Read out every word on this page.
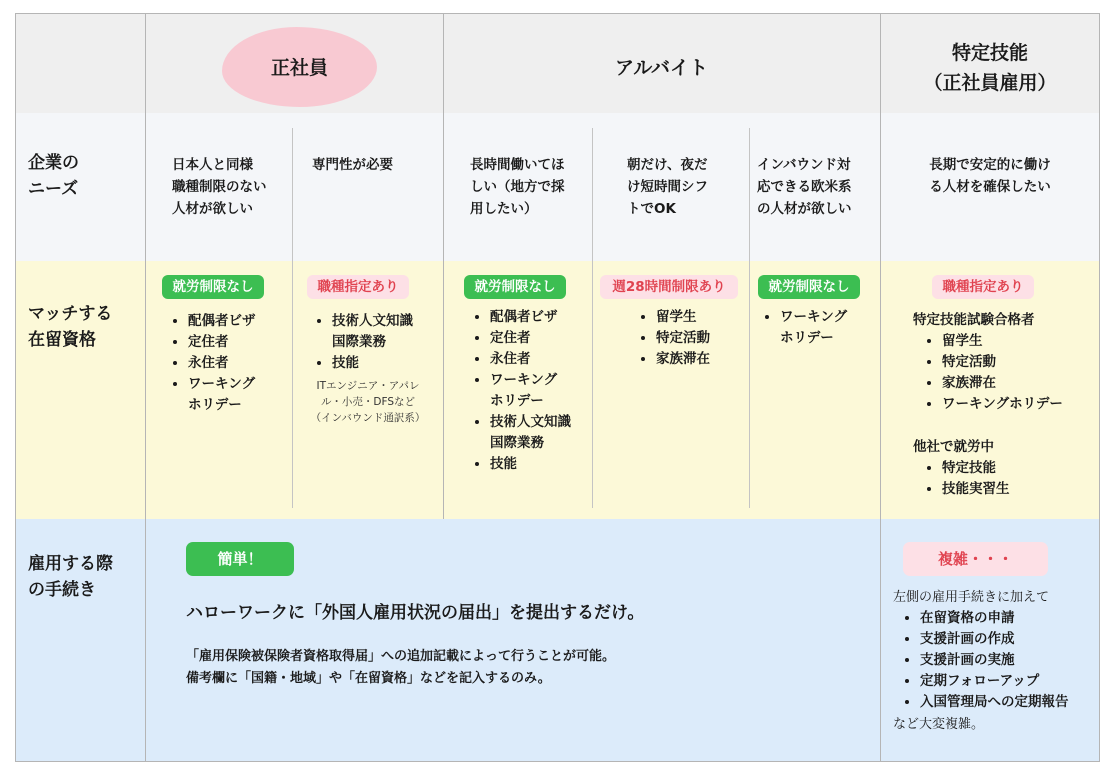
正社員	アルバイト
特定技能
（正社員雇用）
企業の
ニーズ
マッチする
在留資格
雇用する際
の手続き
日本人と同様
職種制限のない
人材が欲しい
専門性が必要	長時間働いてほ
しい（地方で採
用したい）
朝だけ、夜だ
け短時間シフ
トでOK
インバウンド対
応できる欧米系
の人材が欲しい
長期で安定的に働け
る人材を確保したい
就労制限なし
• 配偶者ビザ
• 定住者
• 永住者
• ワーキング
ホリデー
職種指定あり
• 技術人文知識
国際業務
• 技能
ITエンジニア・アパレ
ル・小売・DFSなど
（インバウンド通訳系）
就労制限なし
• 配偶者ビザ
• 定住者
• 永住者
• ワーキング
ホリデー
• 技術人文知識
国際業務
• 技能
週28時間制限あり
• 留学生
• 特定活動
• 家族滞在
就労制限なし
• ワーキング
ホリデー
職種指定あり
特定技能試験合格者
• 留学生
• 特定活動
• 家族滞在
• ワーキングホリデー
他社で就労中
• 特定技能
• 技能実習生
簡単！
ハローワークに「外国人雇用状況の届出」を提出するだけ。
「雇用保険被保険者資格取得届」への追加記載によって行うことが可能。
備考欄に「国籍・地域」や「在留資格」などを記入するのみ。
複雑・・・
左側の雇用手続きに加えて
• 在留資格の申請
• 支援計画の作成
• 支援計画の実施
• 定期フォローアップ
• 入国管理局への定期報告
など大変複雑。
